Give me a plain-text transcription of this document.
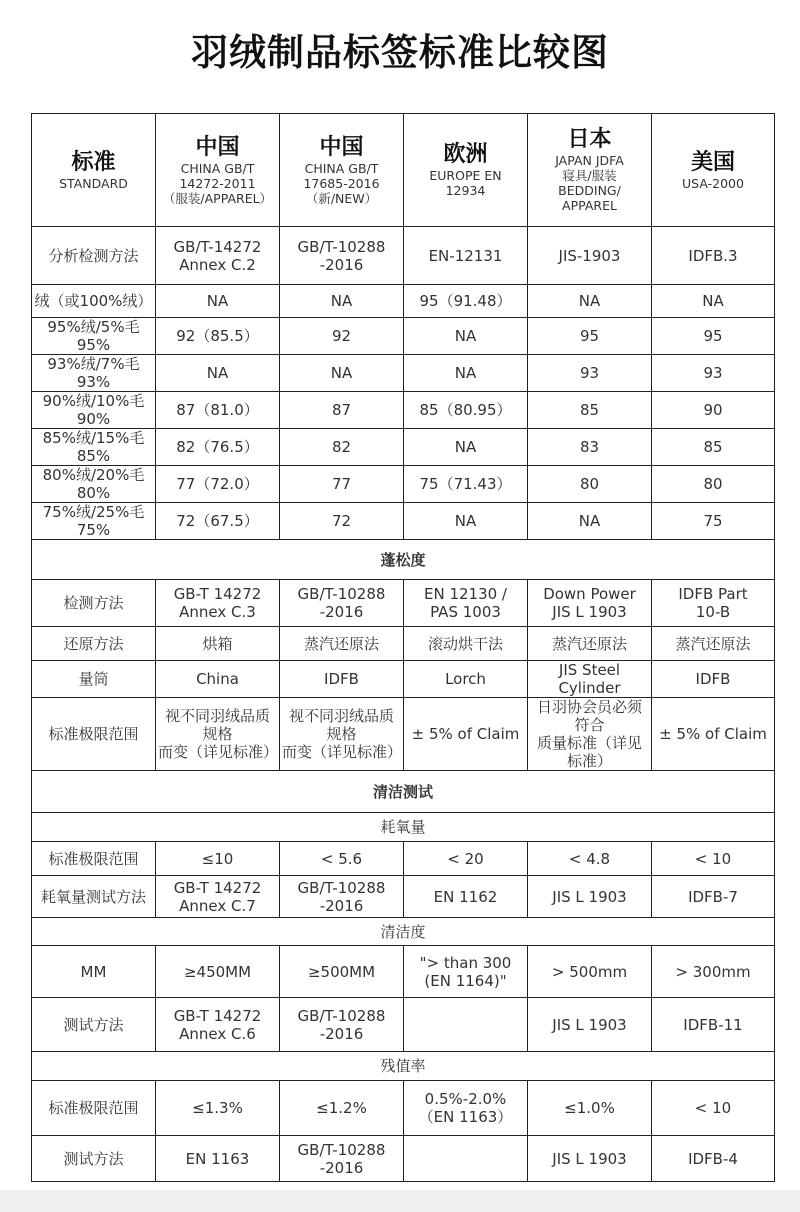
羽绒制品标签标准比较图
标准
STANDARD	中国
CHINA GB/T
14272-2011
（服装/APPAREL）	中国
CHINA GB/T
17685-2016
（新/NEW）	欧洲
EUROPE EN
12934	日本
JAPAN JDFA
寝具/服装
BEDDING/
APPAREL	美国
USA-2000

分析检测方法	GB/T-14272
Annex C.2	GB/T-10288
-2016	EN-12131	JIS-1903	IDFB.3

绒（或100%绒）	NA	NA	95（91.48）	NA	NA

95%绒/5%毛 95%	92（85.5）	92	NA	95	95

93%绒/7%毛 93%	NA	NA	NA	93	93

90%绒/10%毛 90%	87（81.0）	87	85（80.95）	85	90

85%绒/15%毛 85%	82（76.5）	82	NA	83	85

80%绒/20%毛 80%	77（72.0）	77	75（71.43）	80	80

75%绒/25%毛 75%	72（67.5）	72	NA	NA	75

蓬松度					
检测方法	GB-T 14272
Annex C.3	GB/T-10288
-2016	EN 12130 /
PAS 1003	Down Power
JIS L 1903	IDFB Part
10-B

还原方法	烘箱	蒸汽还原法	滚动烘干法	蒸汽还原法	蒸汽还原法

量筒	China	IDFB	Lorch	JIS Steel Cylinder	IDFB

标准极限范围	视不同羽绒品质规格
而变（详见标准）	视不同羽绒品质规格
而变（详见标准）	± 5% of Claim	日羽协会员必须符合
质量标准（详见标准）	± 5% of Claim

清洁测试					
耗氧量					
标准极限范围	≤10	< 5.6	< 20	< 4.8	< 10

耗氧量测试方法	GB-T 14272
Annex C.7	GB/T-10288
-2016	EN 1162	JIS L 1903	IDFB-7

清洁度					
MM	≥450MM	≥500MM	"> than 300
(EN 1164)"	> 500mm	> 300mm

测试方法	GB-T 14272
Annex C.6	GB/T-10288
-2016		JIS L 1903	IDFB-11

残值率					
标准极限范围	≤1.3%	≤1.2%	0.5%-2.0%
（EN 1163）	≤1.0%	< 10

测试方法	EN 1163	GB/T-10288
-2016		JIS L 1903	IDFB-4
